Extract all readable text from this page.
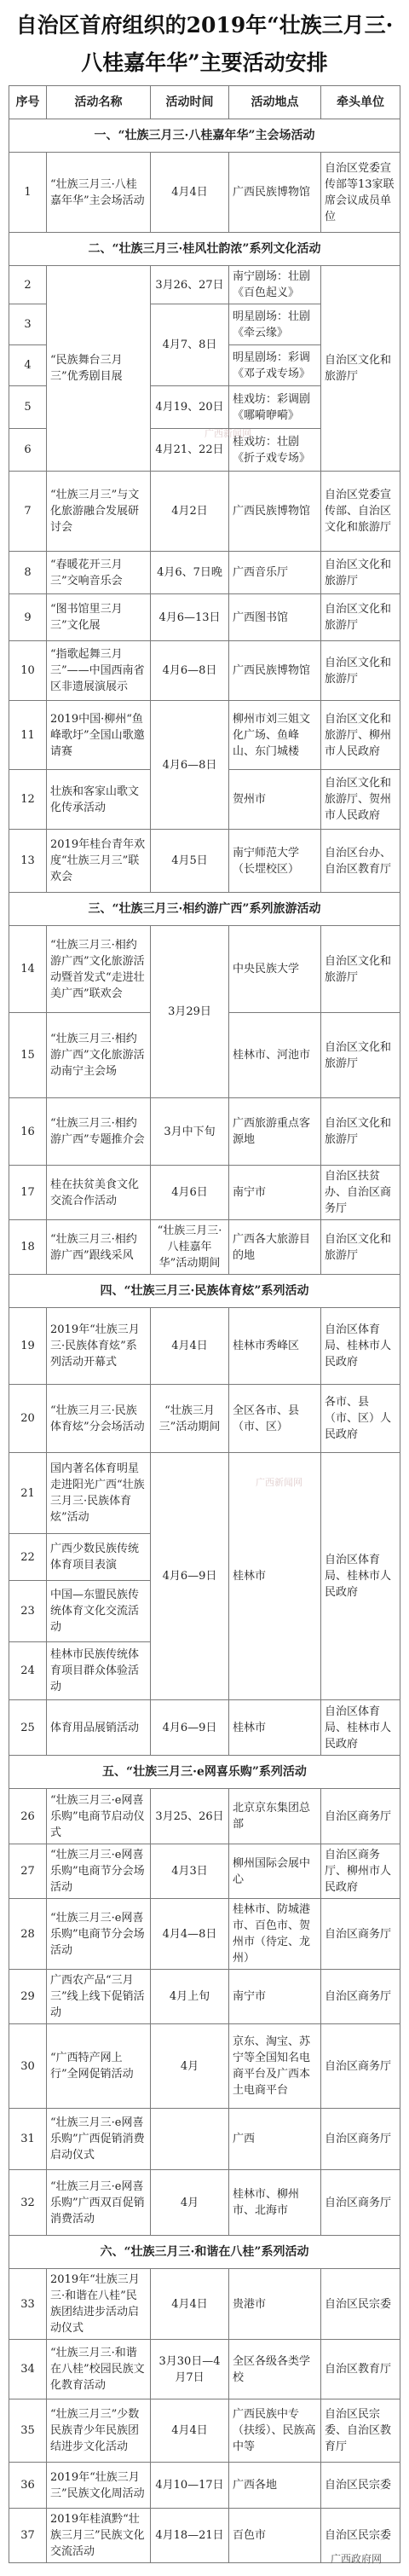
自治区首府组织的2019年“壮族三月三·
八桂嘉年华”主要活动安排
序号	活动名称	活动时间	活动地点	牵头单位
一、“壮族三月三·八桂嘉年华”主会场活动				
1	“壮族三月三·八桂嘉年华”主会场活动	4月4日	广西民族博物馆	自治区党委宣传部等13家联席会议成员单位
二、“壮族三月三·桂风壮韵浓”系列文化活动				
2	“民族舞台三月三”优秀剧目展	3月26、27日	南宁剧场：壮剧《百色起义》	自治区文化和旅游厅
3		4月7、8日	明星剧场：壮剧《牵云缘》	
4			明星剧场：彩调《邓子戏专场》	
5		4月19、20日	桂戏坊：彩调剧《哪嗬咿嗬》	
6		4月21、22日	桂戏坊：壮剧《折子戏专场》	
7	“壮族三月三”与文化旅游融合发展研讨会	4月2日	广西民族博物馆	自治区党委宣传部、自治区文化和旅游厅
8	“春暖花开三月三”交响音乐会	4月6、7日晚	广西音乐厅	自治区文化和旅游厅
9	“图书馆里三月三”文化展	4月6—13日	广西图书馆	自治区文化和旅游厅
10	“指歌起舞三月三”——中国西南省区非遗展演展示	4月6—8日	广西民族博物馆	自治区文化和旅游厅
11	2019中国·柳州“鱼峰歌圩”全国山歌邀请赛	4月6—8日	柳州市刘三姐文化广场、鱼峰山、东门城楼	自治区文化和旅游厅、柳州市人民政府
12	壮族和客家山歌文化传承活动		贺州市	自治区文化和旅游厅、贺州市人民政府
13	2019年桂台青年欢度“壮族三月三”联欢会	4月5日	南宁师范大学（长堽校区）	自治区台办、自治区教育厅
三、“壮族三月三·相约游广西”系列旅游活动				
14	“壮族三月三·相约游广西”文化旅游活动暨首发式“走进壮美广西”联欢会	3月29日	中央民族大学	自治区文化和旅游厅
15	“壮族三月三·相约游广西”文化旅游活动南宁主会场		桂林市、河池市	自治区文化和旅游厅
16	“壮族三月三·相约游广西”专题推介会	3月中下旬	广西旅游重点客源地	自治区文化和旅游厅
17	桂在扶贫美食文化交流合作活动	4月6日	南宁市	自治区扶贫办、自治区商务厅
18	“壮族三月三·相约游广西”跟线采风	“壮族三月三·八桂嘉年华”活动期间	广西各大旅游目的地	自治区文化和旅游厅
四、“壮族三月三·民族体育炫”系列活动				
19	2019年“壮族三月三·民族体育炫”系列活动开幕式	4月4日	桂林市秀峰区	自治区体育局、桂林市人民政府
20	“壮族三月三·民族体育炫”分会场活动	“壮族三月三”活动期间	全区各市、县（市、区）	各市、县（市、区）人民政府
21	国内著名体育明星走进阳光广西“壮族三月三·民族体育炫”活动	4月6—9日	桂林市	自治区体育局、桂林市人民政府
22	广西少数民族传统体育项目表演			
23	中国—东盟民族传统体育文化交流活动			
24	桂林市民族传统体育项目群众体验活动			
25	体育用品展销活动	4月6—9日	桂林市	自治区体育局、桂林市人民政府
五、“壮族三月三·e网喜乐购”系列活动				
26	“壮族三月三·e网喜乐购”电商节启动仪式	3月25、26日	北京京东集团总部	自治区商务厅
27	“壮族三月三·e网喜乐购”电商节分会场活动	4月3日	柳州国际会展中心	自治区商务厅、柳州市人民政府
28	“壮族三月三·e网喜乐购”电商节分会场活动	4月4—8日	桂林市、防城港市、百色市、贺州市（待定、龙州）	自治区商务厅
29	广西农产品“三月三”线上线下促销活动	4月上旬	南宁市	自治区商务厅
30	“广西特产网上行”全网促销活动	4月	京东、淘宝、苏宁等全国知名电商平台及广西本土电商平台	自治区商务厅
31	“壮族三月三·e网喜乐购”广西促销消费启动仪式		广西	自治区商务厅
32	“壮族三月三·e网喜乐购”广西双百促销消费活动	4月	桂林市、柳州市、北海市	自治区商务厅
六、“壮族三月三·和谐在八桂”系列活动				
33	2019年“壮族三月三·和谐在八桂”民族团结进步活动启动仪式	4月4日	贵港市	自治区民宗委
34	“壮族三月三·和谐在八桂”校园民族文化教育活动	3月30日—4月7日	全区各级各类学校	自治区教育厅
35	“壮族三月三”少数民族青少年民族团结进步文化活动	4月4日	广西民族中专（扶绥）、民族高中等	自治区民宗委、自治区教育厅
36	2019年“壮族三月三”民族文化周活动	4月10—17日	广西各地	自治区民宗委
37	2019年桂滇黔“壮族三月三”民族文化交流活动	4月18—21日	百色市	自治区民宗委
广西新闻网
广西新闻网
广西政府网
